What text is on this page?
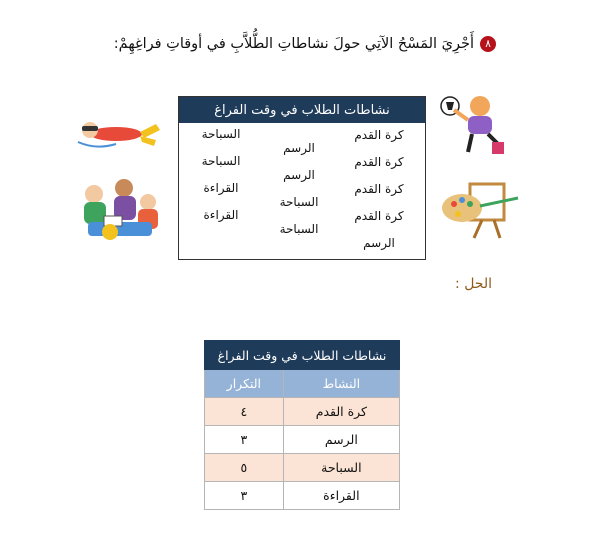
٨
أَجْرِيَ المَسْحُ الآتِي حولَ نشاطاتِ الطُّلاَّبِ في أوقاتِ فراغِهِمْ:
نشاطات الطلاب في وقت الفراغ
كرة القدم
كرة القدم
كرة القدم
كرة القدم
الرسم
الرسم
الرسم
السباحة
السباحة
السباحة
السباحة
القراءة
القراءة
الحل :
نشاطات الطلاب في وقت الفراغ	
النشاط	التكرار
كرة القدم	٤
الرسم	٣
السباحة	٥
القراءة	٣
